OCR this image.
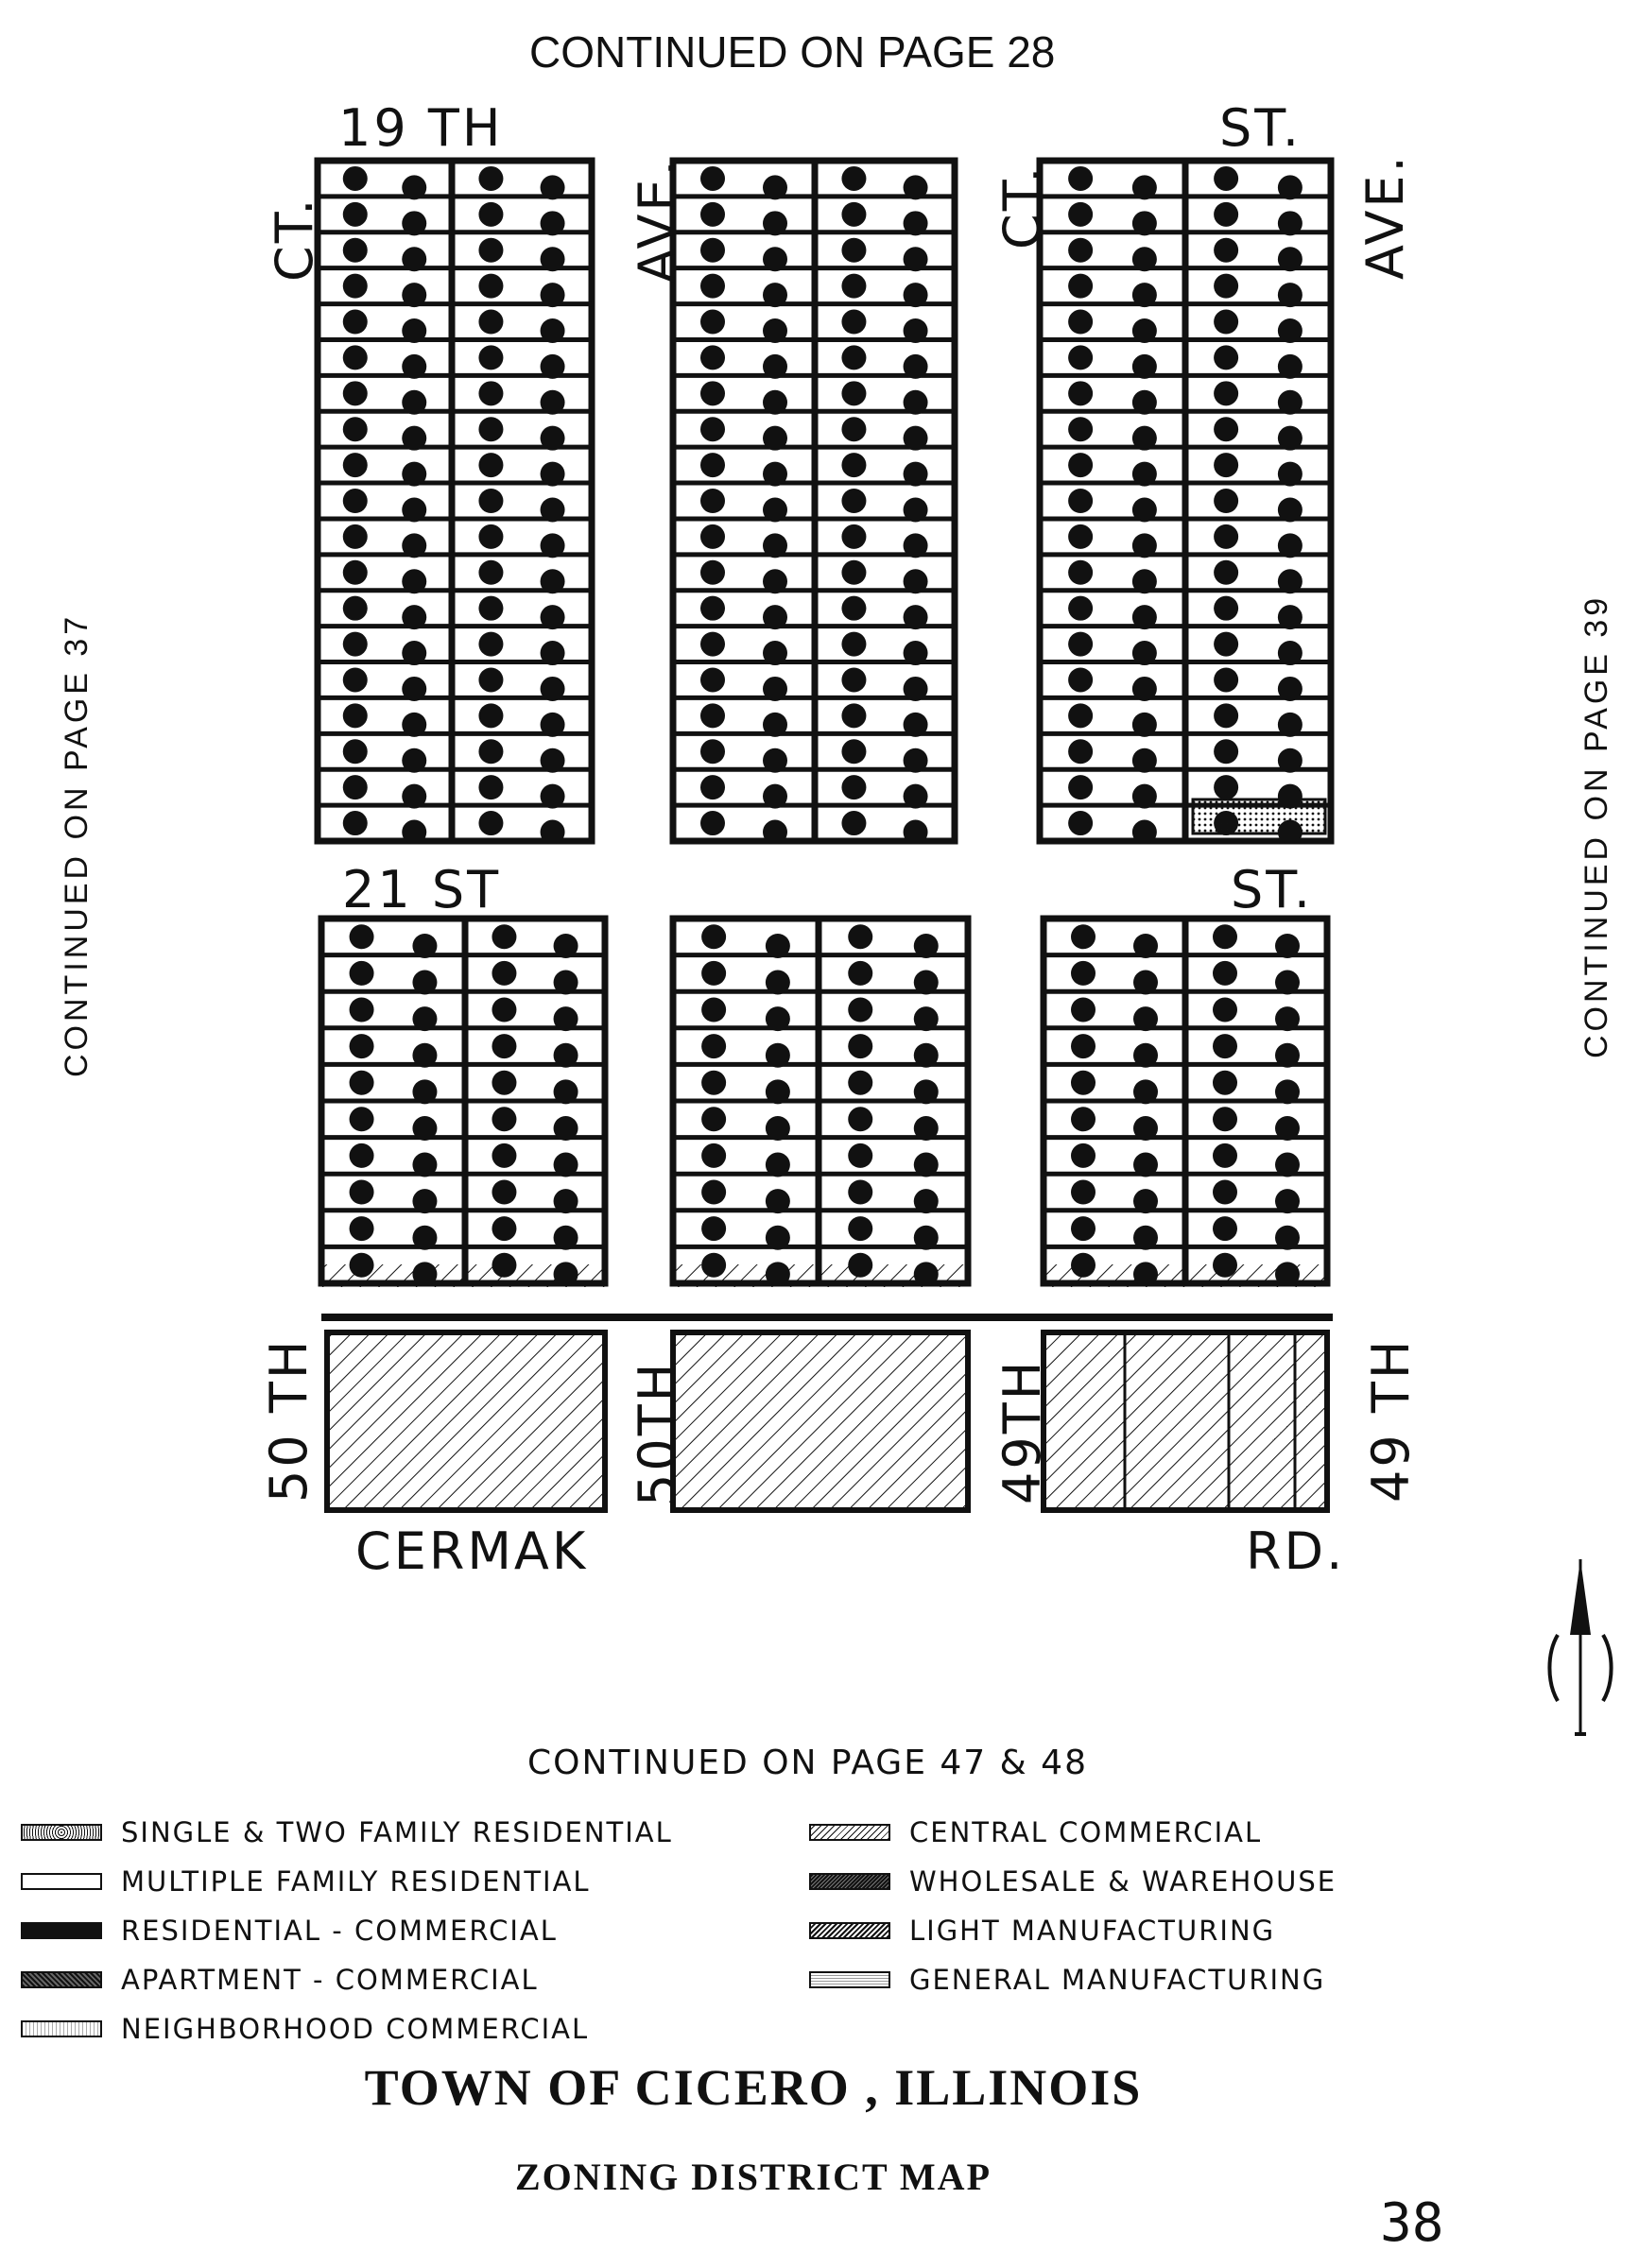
CONTINUED ON PAGE 28
CONTINUED ON PAGE 47 & 48
CONTINUED ON PAGE 37	CONTINUED ON PAGE 39
19 TH	ST.
21 ST	ST.
CERMAK	RD.
CT.	AVE.	CT.	AVE.
50 TH	50TH	49TH	49 TH
SINGLE & TWO FAMILY RESIDENTIAL
MULTIPLE FAMILY RESIDENTIAL
RESIDENTIAL - COMMERCIAL
APARTMENT - COMMERCIAL
NEIGHBORHOOD COMMERCIAL
CENTRAL COMMERCIAL
WHOLESALE & WAREHOUSE
LIGHT MANUFACTURING
GENERAL MANUFACTURING
TOWN OF CICERO , ILLINOIS
ZONING DISTRICT MAP
38
